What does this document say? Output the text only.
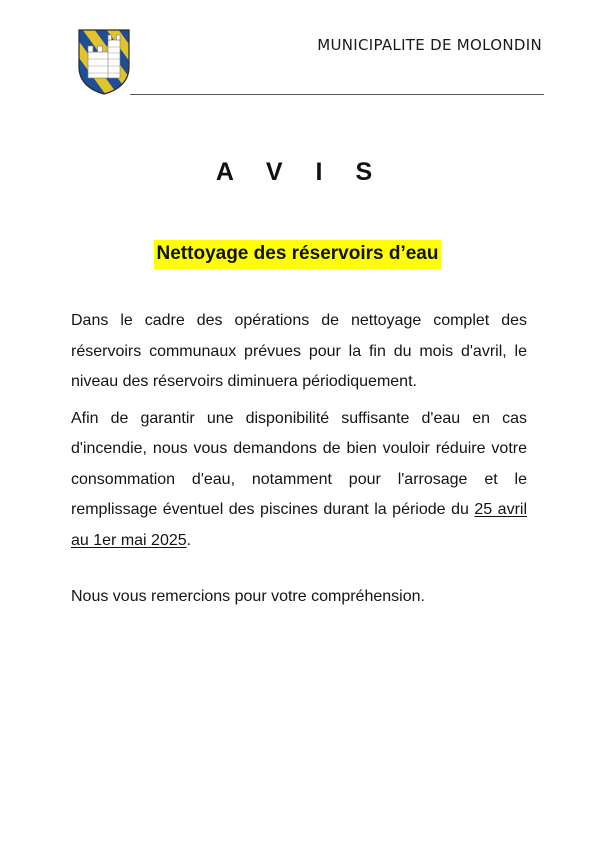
MUNICIPALITE DE MOLONDIN
A V I S
Nettoyage des réservoirs d’eau

Dans le cadre des opérations de nettoyage complet des réservoirs communaux prévues pour la fin du mois d'avril, le niveau des réservoirs diminuera périodiquement.

Afin de garantir une disponibilité suffisante d'eau en cas d'incendie, nous vous demandons de bien vouloir réduire votre consommation d'eau, notamment pour l'arrosage et le remplissage éventuel des piscines durant la période du 25 avril au 1er mai 2025.

Nous vous remercions pour votre compréhension.
